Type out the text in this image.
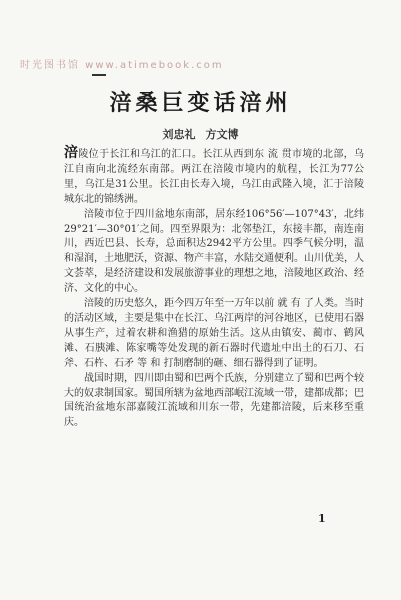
时光图书馆 www.atimebook.com
涪桑巨变话涪州
刘忠礼 方文博

涪陵位于长江和乌江的汇口。长江从西到东 流 贯市境的北部，乌江自南向北流经东南部。两江在涪陵市境内的航程，长江为77公里，乌江是31公里。长江由长寿入境，乌江由武隆入境，汇于涪陵城东北的锦绣洲。

涪陵市位于四川盆地东南部，居东经106°56′—107°43′，北纬29°21′—30°01′之间。四至界限为：北邻垫江，东接丰都，南连南川，西近巴县、长寿，总面积达2942平方公里。四季气候分明，温和湿润，土地肥沃，资源、物产丰富，水陆交通便利。山川优美，人文荟萃，是经济建设和发展旅游事业的理想之地，涪陵地区政治、经济、文化的中心。

涪陵的历史悠久，距今四万年至一万年以前 就 有 了人类。当时的活动区域，主要是集中在长江、乌江两岸的河谷地区，已使用石器从事生产，过着农耕和渔猎的原始生活。这从由镇安、蔺市、鹤风滩、石胰滩、陈家嘴等处发现的新石器时代遗址中出土的石刀、石斧、石杵、石矛 等 和 打制磨制的砸、细石器得到了证明。

战国时期，四川即由蜀和巴两个氏族，分别建立了蜀和巴两个较大的奴隶制国家。蜀国所辖为盆地西部岷江流域一带，建都成都；巴国统治盆地东部嘉陵江流域和川东一带，先建都涪陵，后来移至重庆。

1
